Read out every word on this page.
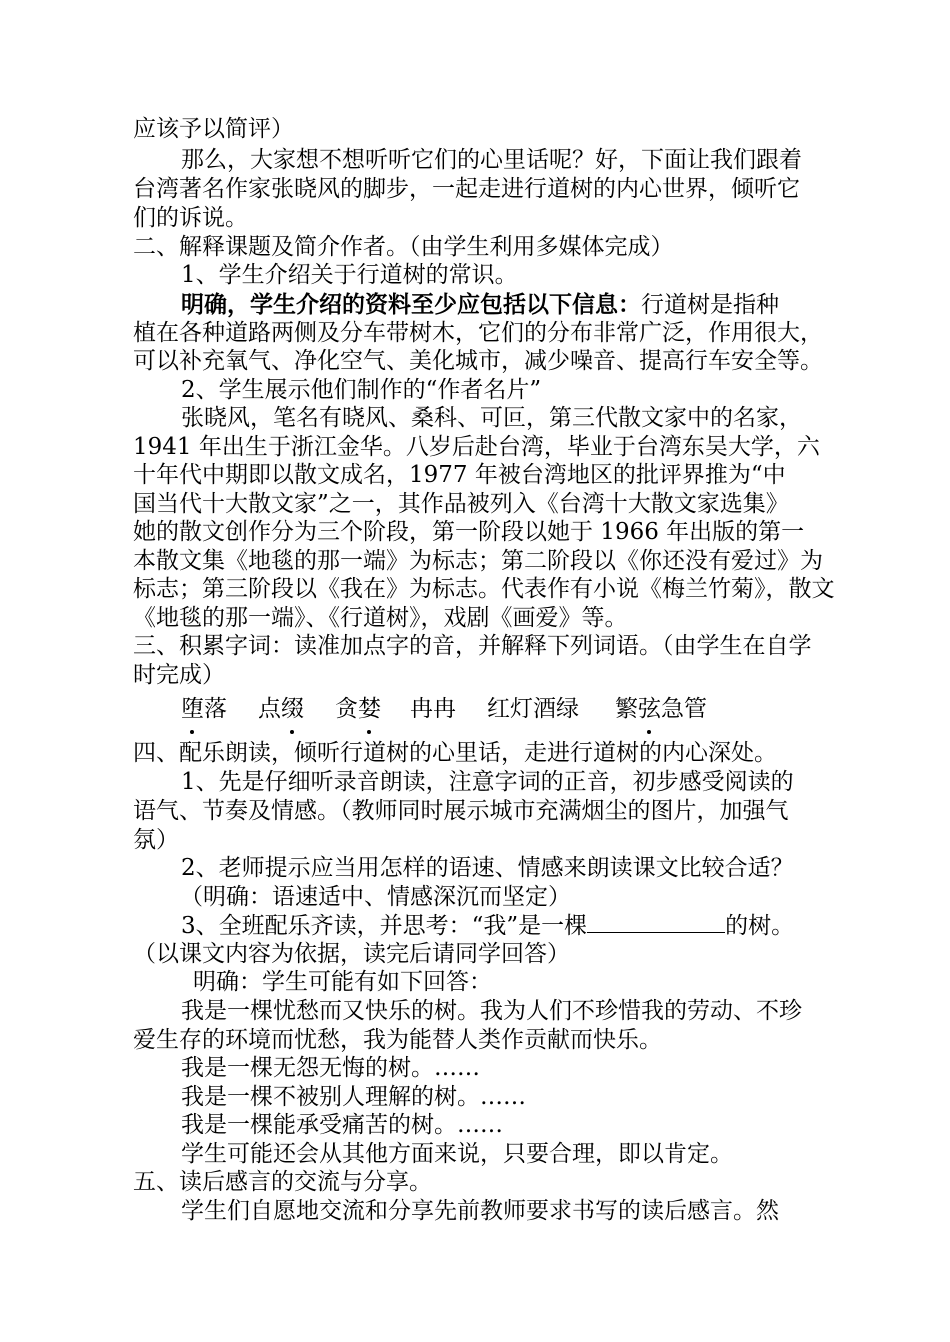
应该予以简评）
那么，大家想不想听听它们的心里话呢？好，下面让我们跟着
台湾著名作家张晓风的脚步，一起走进行道树的内心世界，倾听它
们的诉说。
二、解释课题及简介作者。（由学生利用多媒体完成）
1、学生介绍关于行道树的常识。
明确，学生介绍的资料至少应包括以下信息：行道树是指种
植在各种道路两侧及分车带树木，它们的分布非常广泛，作用很大，
可以补充氧气、净化空气、美化城市，减少噪音、提高行车安全等。
2、学生展示他们制作的“作者名片”
张晓风，笔名有晓风、桑科、可叵，第三代散文家中的名家，
1941 年出生于浙江金华。八岁后赴台湾，毕业于台湾东吴大学，六
十年代中期即以散文成名，1977 年被台湾地区的批评界推为“中
国当代十大散文家”之一，其作品被列入《台湾十大散文家选集》
她的散文创作分为三个阶段，第一阶段以她于 1966 年出版的第一
本散文集《地毯的那一端》为标志；第二阶段以《你还没有爱过》为
标志；第三阶段以《我在》为标志。代表作有小说《梅兰竹菊》，散文
《地毯的那一端》、《行道树》，戏剧《画爱》等。
三、积累字词：读准加点字的音，并解释下列词语。（由学生在自学
时完成）
堕落 点缀 贪婪 冉冉 红灯酒绿 繁弦急管
四、配乐朗读，倾听行道树的心里话，走进行道树的内心深处。
1、先是仔细听录音朗读，注意字词的正音，初步感受阅读的
语气、节奏及情感。（教师同时展示城市充满烟尘的图片，加强气
氛）
2、老师提示应当用怎样的语速、情感来朗读课文比较合适？
（明确：语速适中、情感深沉而坚定）
3、全班配乐齐读，并思考：“我”是一棵	的树。
（以课文内容为依据，读完后请同学回答）
明确：学生可能有如下回答：
我是一棵忧愁而又快乐的树。我为人们不珍惜我的劳动、不珍
爱生存的环境而忧愁，我为能替人类作贡献而快乐。
我是一棵无怨无悔的树。……
我是一棵不被别人理解的树。……
我是一棵能承受痛苦的树。……
学生可能还会从其他方面来说，只要合理，即以肯定。
五、读后感言的交流与分享。
学生们自愿地交流和分享先前教师要求书写的读后感言。然
